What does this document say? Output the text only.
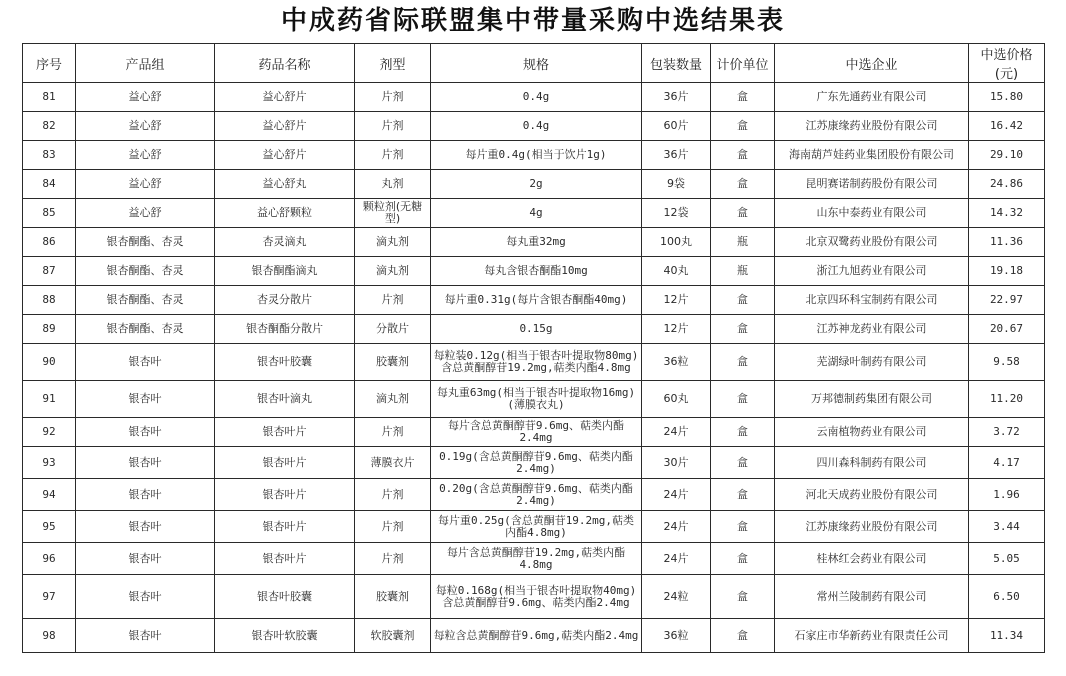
中成药省际联盟集中带量采购中选结果表
序号	产品组	药品名称	剂型	规格	包装数量	计价单位	中选企业	中选价格(元)
81	益心舒	益心舒片	片剂	0.4g	36片	盒	广东先通药业有限公司	15.80
82	益心舒	益心舒片	片剂	0.4g	60片	盒	江苏康缘药业股份有限公司	16.42
83	益心舒	益心舒片	片剂	每片重0.4g(相当于饮片1g)	36片	盒	海南葫芦娃药业集团股份有限公司	29.10
84	益心舒	益心舒丸	丸剂	2g	9袋	盒	昆明赛诺制药股份有限公司	24.86
85	益心舒	益心舒颗粒	颗粒剂(无糖型)	4g	12袋	盒	山东中泰药业有限公司	14.32
86	银杏酮酯、杏灵	杏灵滴丸	滴丸剂	每丸重32mg	100丸	瓶	北京双鹭药业股份有限公司	11.36
87	银杏酮酯、杏灵	银杏酮酯滴丸	滴丸剂	每丸含银杏酮酯10mg	40丸	瓶	浙江九旭药业有限公司	19.18
88	银杏酮酯、杏灵	杏灵分散片	片剂	每片重0.31g(每片含银杏酮酯40mg)	12片	盒	北京四环科宝制药有限公司	22.97
89	银杏酮酯、杏灵	银杏酮酯分散片	分散片	0.15g	12片	盒	江苏神龙药业有限公司	20.67
90	银杏叶	银杏叶胶囊	胶囊剂	每粒装0.12g(相当于银杏叶提取物80mg)含总黄酮醇苷19.2mg,萜类内酯4.8mg	36粒	盒	芜湖绿叶制药有限公司	9.58
91	银杏叶	银杏叶滴丸	滴丸剂	每丸重63mg(相当于银杏叶提取物16mg)(薄膜衣丸)	60丸	盒	万邦德制药集团有限公司	11.20
92	银杏叶	银杏叶片	片剂	每片含总黄酮醇苷9.6mg、萜类内酯2.4mg	24片	盒	云南植物药业有限公司	3.72
93	银杏叶	银杏叶片	薄膜衣片	0.19g(含总黄酮醇苷9.6mg、萜类内酯2.4mg)	30片	盒	四川森科制药有限公司	4.17
94	银杏叶	银杏叶片	片剂	0.20g(含总黄酮醇苷9.6mg、萜类内酯2.4mg)	24片	盒	河北天成药业股份有限公司	1.96
95	银杏叶	银杏叶片	片剂	每片重0.25g(含总黄酮苷19.2mg,萜类内酯4.8mg)	24片	盒	江苏康缘药业股份有限公司	3.44
96	银杏叶	银杏叶片	片剂	每片含总黄酮醇苷19.2mg,萜类内酯4.8mg	24片	盒	桂林红会药业有限公司	5.05
97	银杏叶	银杏叶胶囊	胶囊剂	每粒0.168g(相当于银杏叶提取物40mg)含总黄酮醇苷9.6mg、萜类内酯2.4mg	24粒	盒	常州兰陵制药有限公司	6.50
98	银杏叶	银杏叶软胶囊	软胶囊剂	每粒含总黄酮醇苷9.6mg,萜类内酯2.4mg	36粒	盒	石家庄市华新药业有限责任公司	11.34
